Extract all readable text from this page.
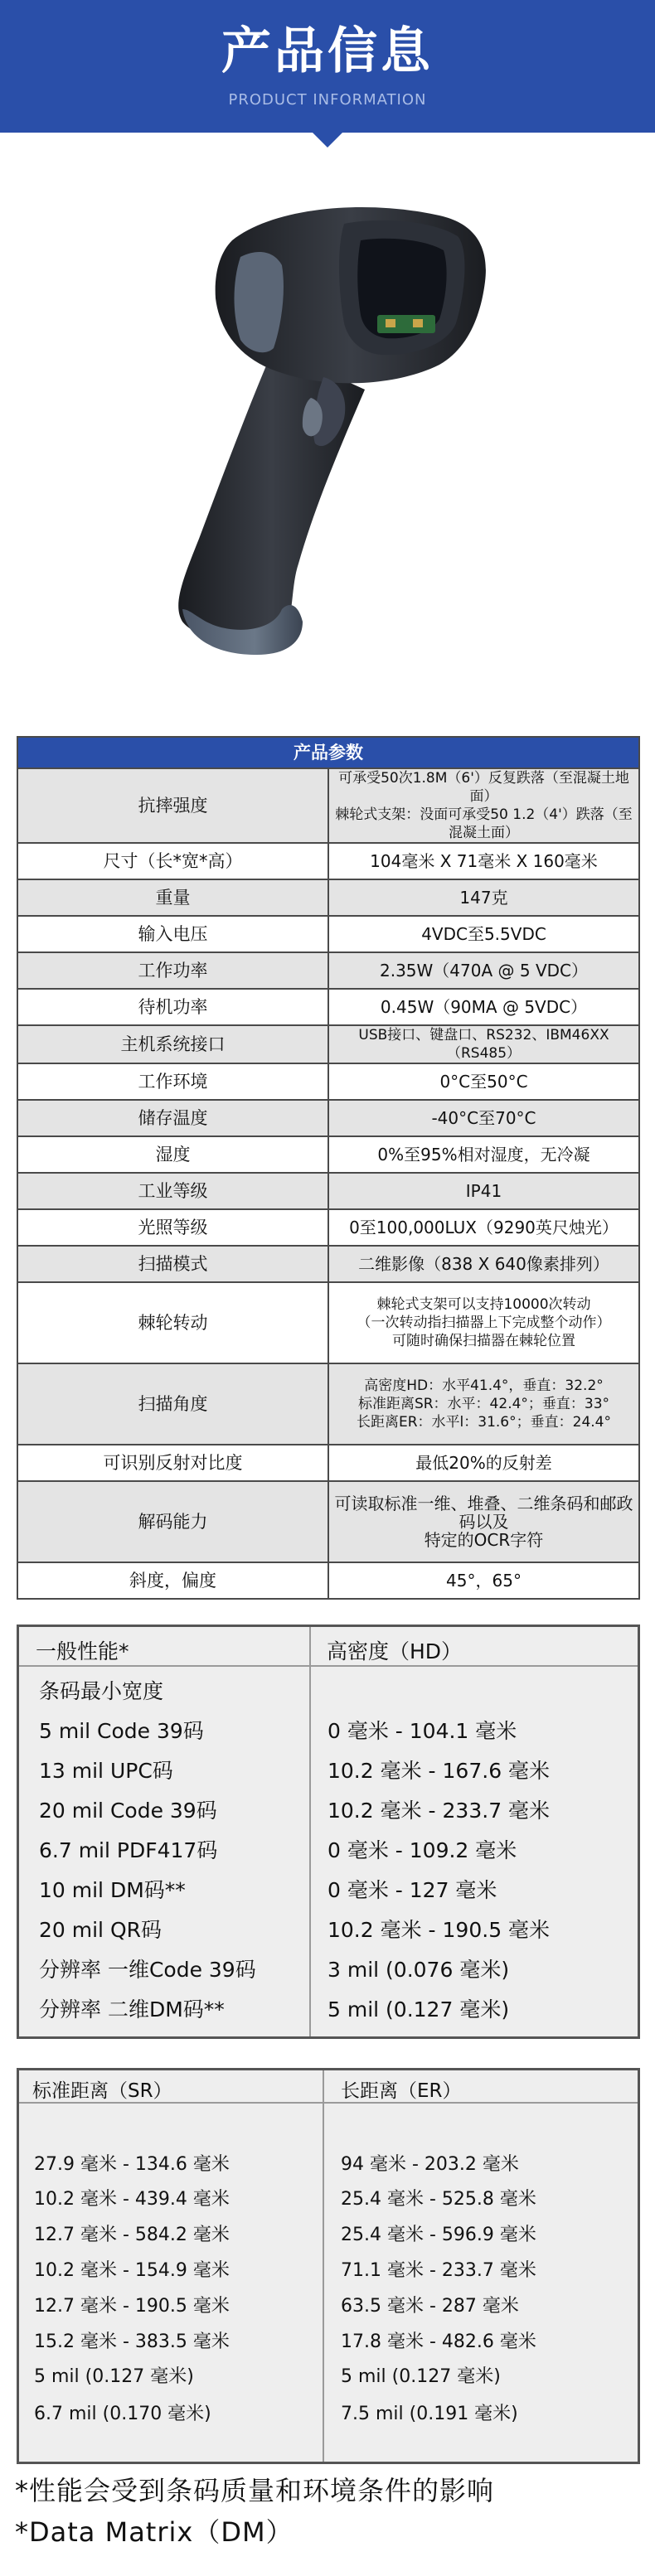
产品信息
PRODUCT INFORMATION
产品参数	
抗摔强度	可承受50次1.8M（6'）反复跌落（至混凝土地面）
棘轮式支架：没面可承受50 1.2（4'）跌落（至混凝土面）

尺寸（长*宽*高）	104毫米 X 71毫米 X 160毫米
重量	147克
输入电压	4VDC至5.5VDC
工作功率	2.35W（470A @ 5 VDC）
待机功率	0.45W（90MA @ 5VDC）
主机系统接口	USB接口、键盘口、RS232、IBM46XX（RS485）
工作环境	0°C至50°C
储存温度	-40°C至70°C
湿度	0%至95%相对湿度，无冷凝
工业等级	IP41
光照等级	0至100,000LUX（9290英尺烛光）
扫描模式	二维影像（838 X 640像素排列）
棘轮转动	棘轮式支架可以支持10000次转动
（一次转动指扫描器上下完成整个动作）
可随时确保扫描器在棘轮位置

扫描角度	高密度HD：水平41.4°，垂直：32.2°
标准距离SR：水平：42.4°；垂直：33°
长距离ER：水平l：31.6°；垂直：24.4°

可识别反射对比度	最低20%的反射差
解码能力	可读取标准一维、堆叠、二维条码和邮政码以及
特定的OCR字符

斜度，偏度	45°，65°
一般性能*	高密度（HD）
条码最小宽度
5 mil Code 39码	0 毫米 - 104.1 毫米
13 mil UPC码	10.2 毫米 - 167.6 毫米
20 mil Code 39码	10.2 毫米 - 233.7 毫米
6.7 mil PDF417码	0 毫米 - 109.2 毫米
10 mil DM码**	0 毫米 - 127 毫米
20 mil QR码	10.2 毫米 - 190.5 毫米
分辨率 一维Code 39码	3 mil (0.076 毫米)
分辨率 二维DM码**	5 mil (0.127 毫米)
标准距离（SR）	长距离（ER）
27.9 毫米 - 134.6 毫米	94 毫米 - 203.2 毫米
10.2 毫米 - 439.4 毫米	25.4 毫米 - 525.8 毫米
12.7 毫米 - 584.2 毫米	25.4 毫米 - 596.9 毫米
10.2 毫米 - 154.9 毫米	71.1 毫米 - 233.7 毫米
12.7 毫米 - 190.5 毫米	63.5 毫米 - 287 毫米
15.2 毫米 - 383.5 毫米	17.8 毫米 - 482.6 毫米
5 mil (0.127 毫米)	5 mil (0.127 毫米)
6.7 mil (0.170 毫米)	7.5 mil (0.191 毫米)
*性能会受到条码质量和环境条件的影响
*Data Matrix（DM）
